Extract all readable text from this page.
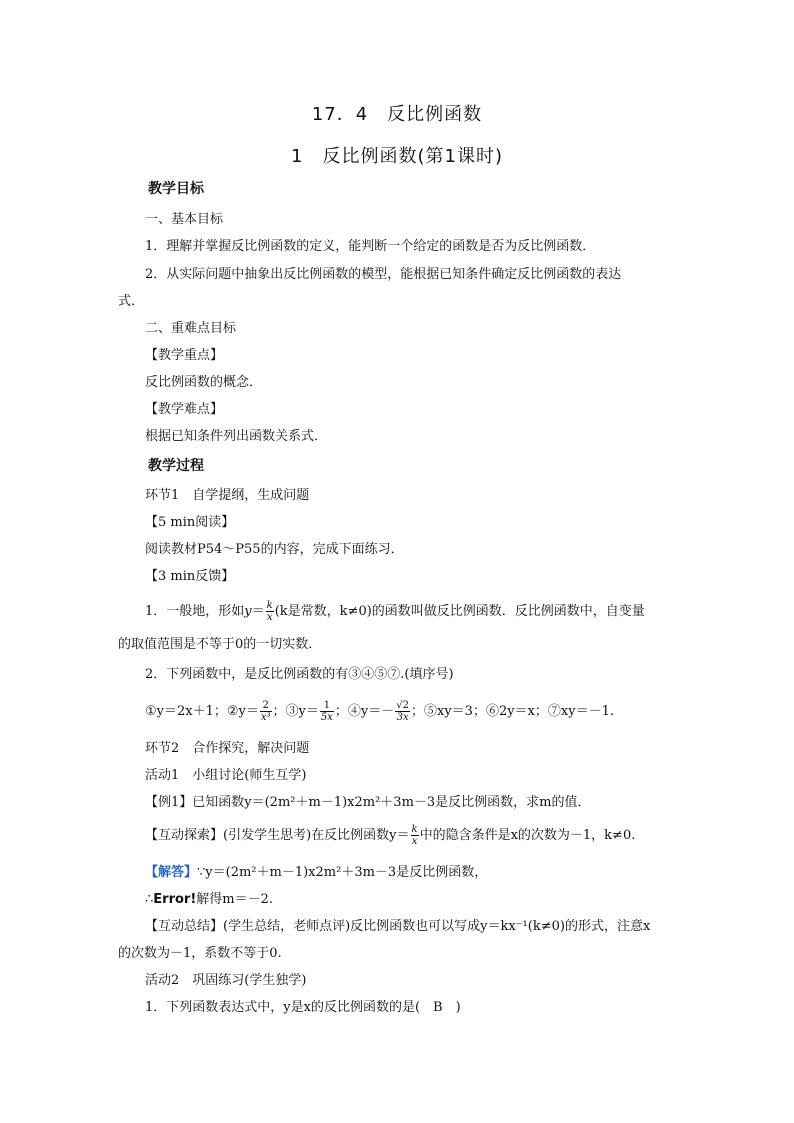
17．4　反比例函数
1　反比例函数(第1课时)
教学目标
一、基本目标
1．理解并掌握反比例函数的定义，能判断一个给定的函数是否为反比例函数．
2．从实际问题中抽象出反比例函数的模型，能根据已知条件确定反比例函数的表达
式．
二、重难点目标
【教学重点】
反比例函数的概念．
【教学难点】
根据已知条件列出函数关系式．
教学过程
环节1　自学提纲，生成问题
【5 min阅读】
阅读教材P54～P55的内容，完成下面练习．
【3 min反馈】
1．一般地，形如$y= \frac{k}{x} (k$是常数，k≠0)的函数叫做反比例函数．反比例函数中，自变量
的取值范围是不等于0的一切实数．
2．下列函数中，是反比例函数的有③④⑤⑦.(填序号)
①y＝2x＋1；②y＝ $\frac{2}{\text{x³}}$ ；③y＝ $\frac{1}{5x}$ ；④y＝－ $\frac{√2}{3x}$ ；⑤xy＝3；⑥2y＝x；⑦xy＝－1.
环节2　合作探究，解决问题
活动1　小组讨论(师生互学)
【例1】已知函数y＝(2m²＋m－1)x2m²＋3m－3是反比例函数，求m的值．
【互动探索】(引发学生思考)在反比例函数$y= \frac{k}{x}$ 中的隐含条件是x的次数为－1，k≠0.
【解答】∵y＝(2m²＋m－1)x2m²＋3m－3是反比例函数，
∴Error!解得m＝－2.
【互动总结】(学生总结，老师点评)反比例函数也可以写成y＝kx⁻¹(k≠0)的形式，注意x
的次数为－1，系数不等于0.
活动2　巩固练习(学生独学)
1．下列函数表达式中，y是x的反比例函数的是(　B　)
